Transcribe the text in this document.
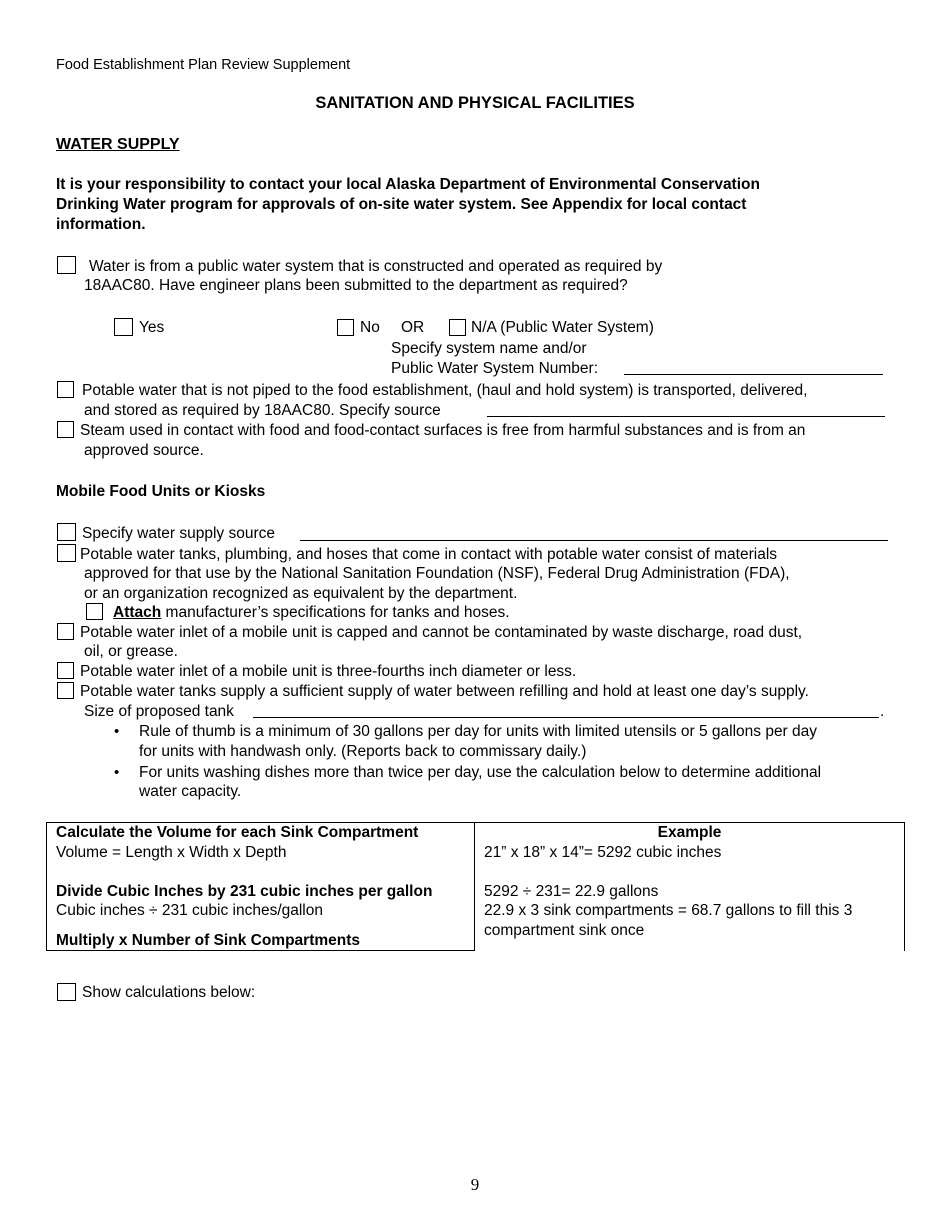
Food Establishment Plan Review Supplement
SANITATION AND PHYSICAL FACILITIES
WATER SUPPLY
It is your responsibility to contact your local Alaska Department of Environmental Conservation
Drinking Water program for approvals of on-site water system. See Appendix for local contact
information.
Water is from a public water system that is constructed and operated as required by
18AAC80. Have engineer plans been submitted to the department as required?
Yes	No OR	N/A (Public Water System)
Specify system name and/or
Public Water System Number:
Potable water that is not piped to the food establishment, (haul and hold system) is transported, delivered,
and stored as required by 18AAC80. Specify source
Steam used in contact with food and food-contact surfaces is free from harmful substances and is from an
approved source.
Mobile Food Units or Kiosks
Specify water supply source
Potable water tanks, plumbing, and hoses that come in contact with potable water consist of materials
approved for that use by the National Sanitation Foundation (NSF), Federal Drug Administration (FDA),
or an organization recognized as equivalent by the department.
Attach manufacturer’s specifications for tanks and hoses.
Potable water inlet of a mobile unit is capped and cannot be contaminated by waste discharge, road dust,
oil, or grease.
Potable water inlet of a mobile unit is three-fourths inch diameter or less.
Potable water tanks supply a sufficient supply of water between refilling and hold at least one day’s supply.
Size of proposed tank	.
• Rule of thumb is a minimum of 30 gallons per day for units with limited utensils or 5 gallons per day
for units with handwash only. (Reports back to commissary daily.)
• For units washing dishes more than twice per day, use the calculation below to determine additional
water capacity.
Calculate the Volume for each Sink Compartment	Example
Volume = Length x Width x Depth	21” x 18” x 14”= 5292 cubic inches
Divide Cubic Inches by 231 cubic inches per gallon	5292 ÷ 231= 22.9 gallons
Cubic inches ÷ 231 cubic inches/gallon	22.9 x 3 sink compartments = 68.7 gallons to fill this 3 compartment sink once
Multiply x Number of Sink Compartments	
Show calculations below:
9
